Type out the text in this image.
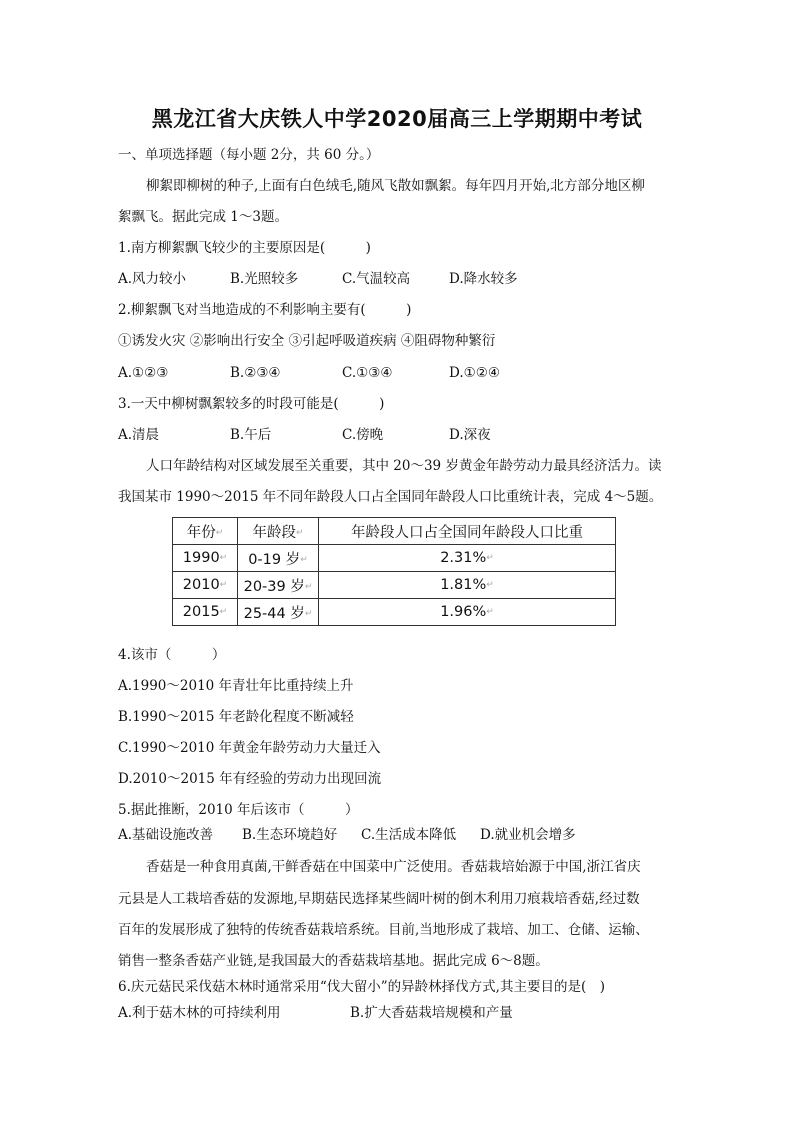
黑龙江省大庆铁人中学2020届高三上学期期中考试
一、单项选择题（每小题 2分，共 60 分。）
柳絮即柳树的种子,上面有白色绒毛,随风飞散如飘絮。每年四月开始,北方部分地区柳
絮飘飞。据此完成 1～3题。
1.南方柳絮飘飞较少的主要原因是(　　　)
A.风力较小	B.光照较多	C.气温较高	D.降水较多
2.柳絮飘飞对当地造成的不利影响主要有(　　　)
①诱发火灾 ②影响出行安全 ③引起呼吸道疾病 ④阻碍物种繁衍
A.①②③	B.②③④	C.①③④	D.①②④
3.一天中柳树飘絮较多的时段可能是(　　　)
A.清晨	B.午后	C.傍晚	D.深夜
人口年龄结构对区域发展至关重要，其中 20～39 岁黄金年龄劳动力最具经济活力。读
我国某市 1990～2015 年不同年龄段人口占全国同年龄段人口比重统计表，完成 4～5题。
年份↵	年龄段↵	年龄段人口占全国同年龄段人口比重
1990↵	0-19 岁↵	2.31%↵
2010↵	20-39 岁↵	1.81%↵
2015↵	25-44 岁↵	1.96%↵
4.该市（　　　）
A.1990～2010 年青壮年比重持续上升
B.1990～2015 年老龄化程度不断减轻
C.1990～2010 年黄金年龄劳动力大量迁入
D.2010～2015 年有经验的劳动力出现回流
5.据此推断，2010 年后该市（　　　）
A.基础设施改善 B.生态环境趋好 C.生活成本降低 D.就业机会增多
香菇是一种食用真菌,干鲜香菇在中国菜中广泛使用。香菇栽培始源于中国,浙江省庆
元县是人工栽培香菇的发源地,早期菇民选择某些阔叶树的倒木利用刀痕栽培香菇,经过数
百年的发展形成了独特的传统香菇栽培系统。目前,当地形成了栽培、加工、仓储、运输、
销售一整条香菇产业链,是我国最大的香菇栽培基地。据此完成 6～8题。
6.庆元菇民采伐菇木林时通常采用“伐大留小”的异龄林择伐方式,其主要目的是(　)
A.利于菇木林的可持续利用	B.扩大香菇栽培规模和产量
